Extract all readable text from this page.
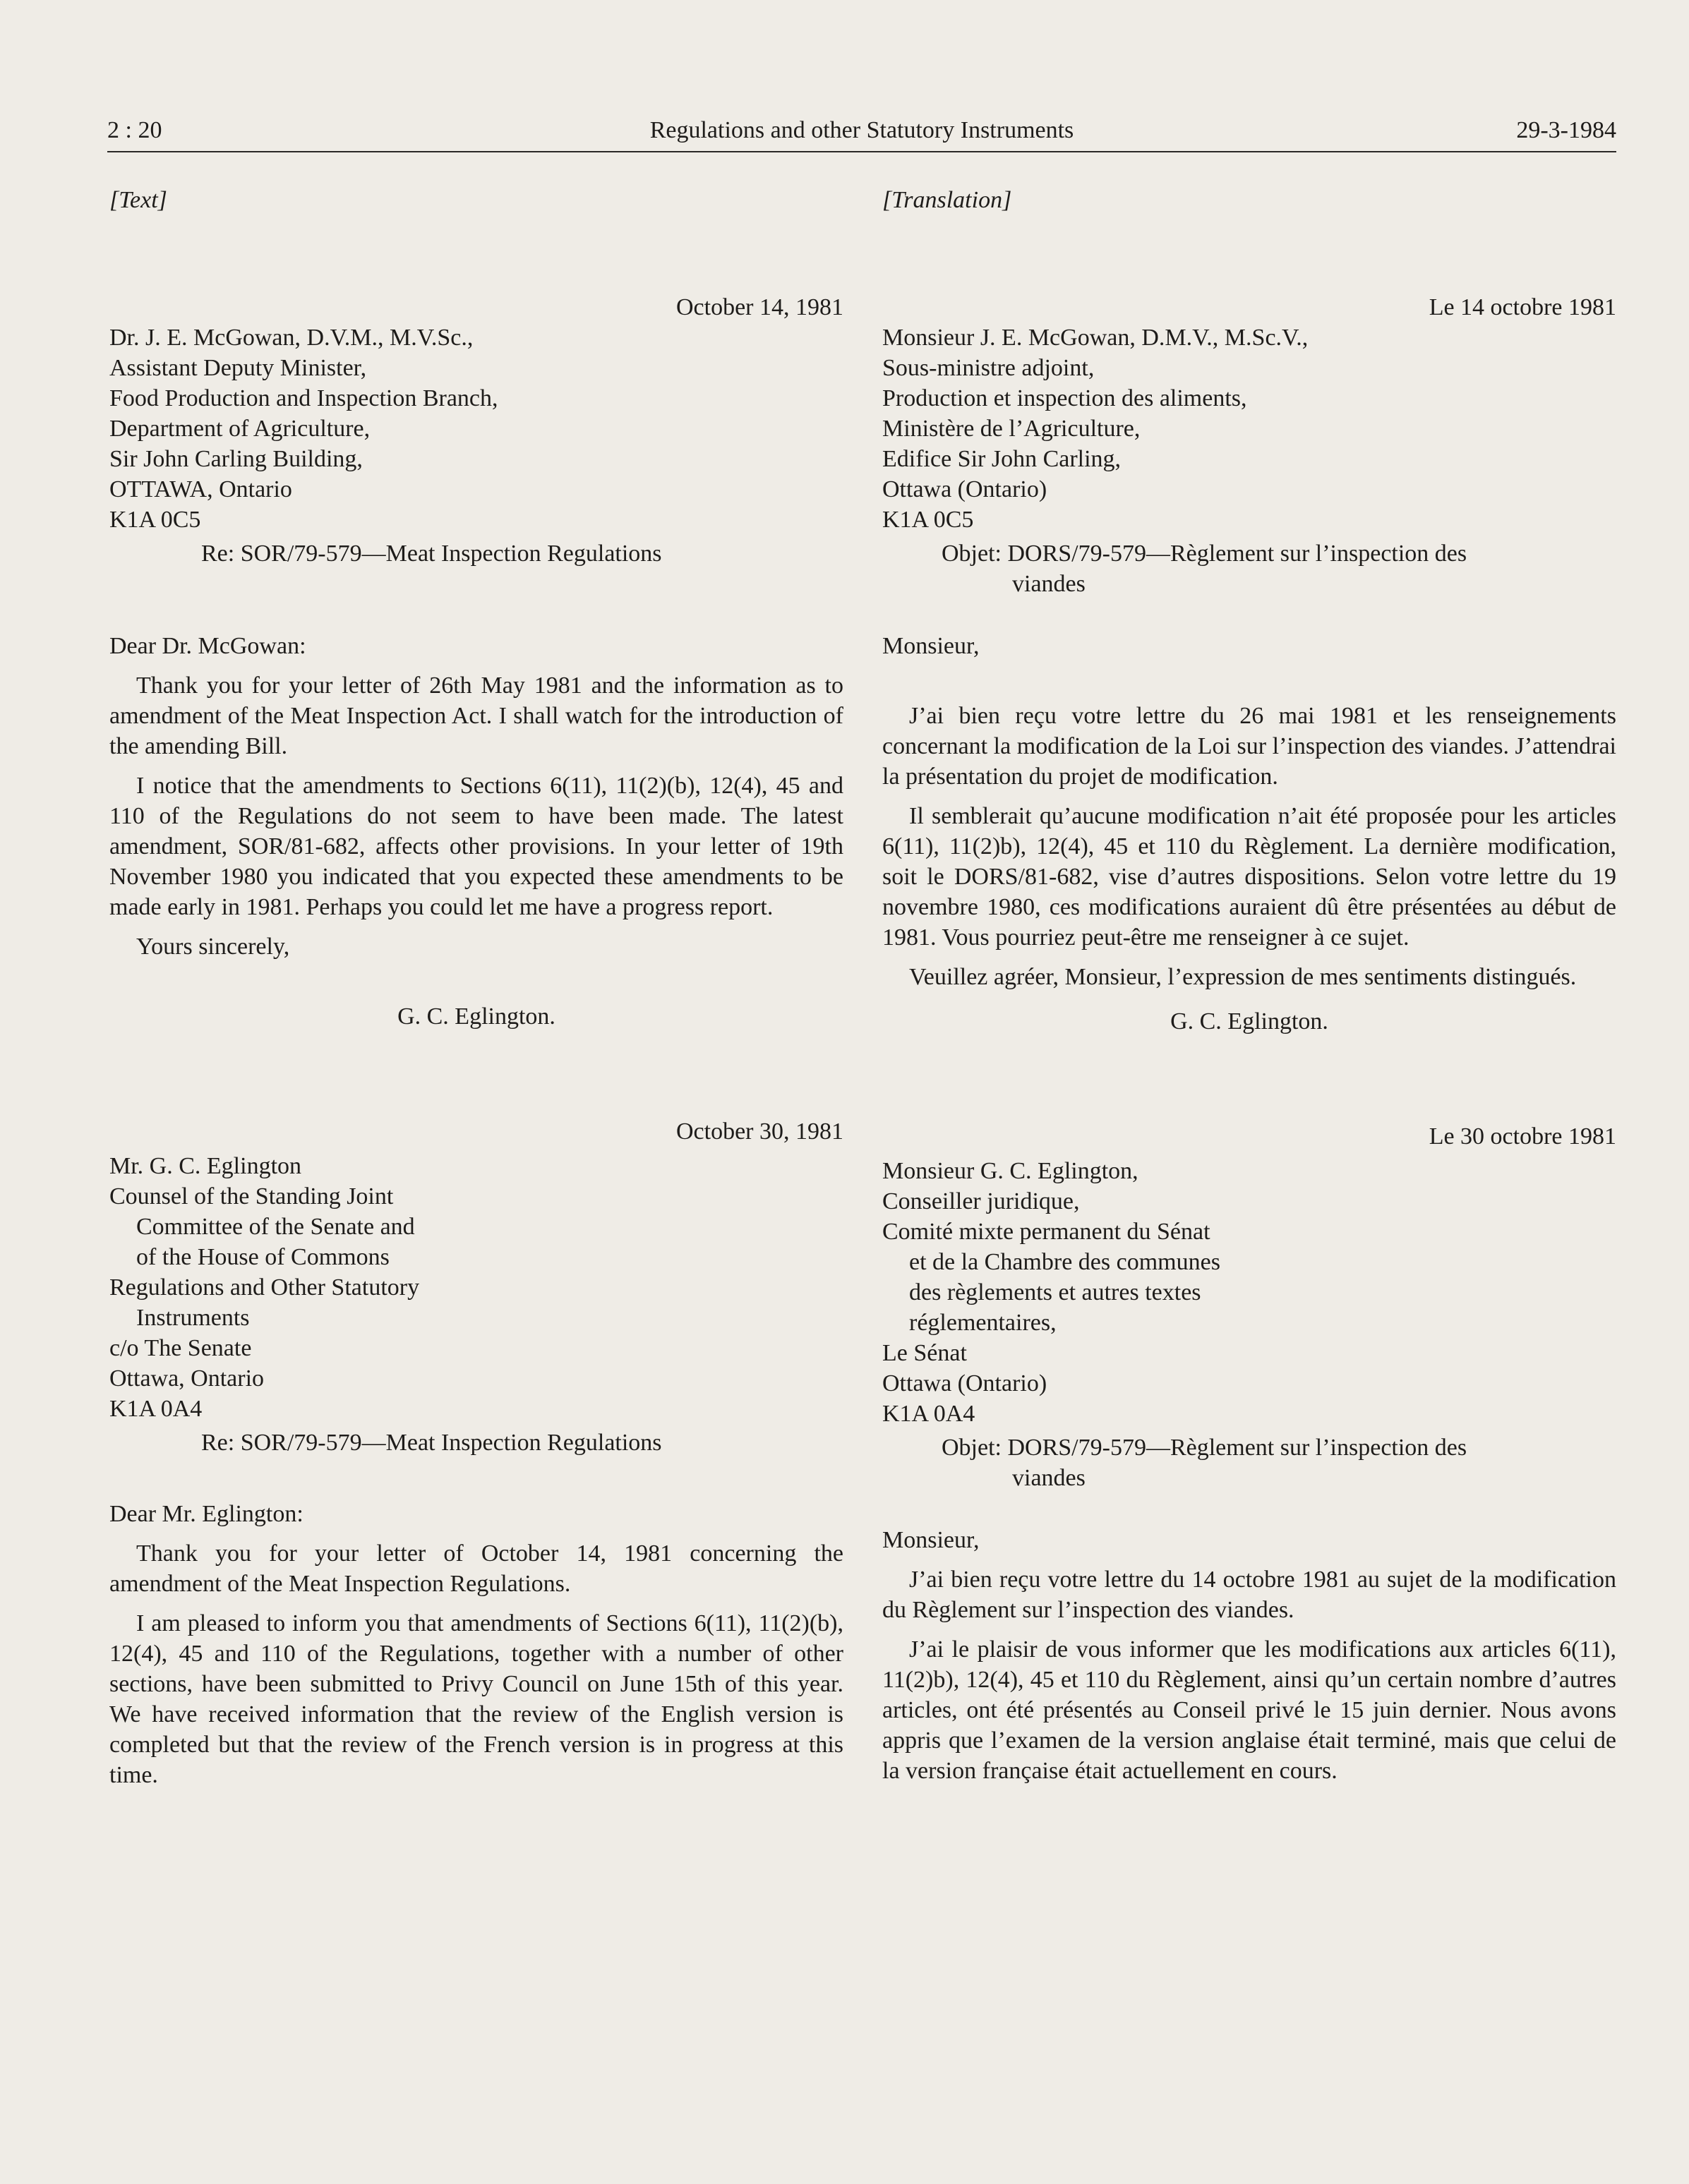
2 : 20	Regulations and other Statutory Instruments	29-3-1984

[Text]

October 14, 1981

Dr. J. E. McGowan, D.V.M., M.V.Sc.,

Assistant Deputy Minister,

Food Production and Inspection Branch,

Department of Agriculture,

Sir John Carling Building,

OTTAWA, Ontario

K1A 0C5

Re: SOR/79-579—Meat Inspection Regulations

Dear Dr. McGowan:

Thank you for your letter of 26th May 1981 and the information as to amendment of the Meat Inspection Act. I shall watch for the introduction of the amending Bill.

I notice that the amendments to Sections 6(11), 11(2)(b), 12(4), 45 and 110 of the Regulations do not seem to have been made. The latest amendment, SOR/81-682, affects other provisions. In your letter of 19th November 1980 you indicated that you expected these amendments to be made early in 1981. Perhaps you could let me have a progress report.

Yours sincerely,

G. C. Eglington.

October 30, 1981

Mr. G. C. Eglington

Counsel of the Standing Joint

Committee of the Senate and

of the House of Commons

Regulations and Other Statutory

Instruments

c/o The Senate

Ottawa, Ontario

K1A 0A4

Re: SOR/79-579—Meat Inspection Regulations

Dear Mr. Eglington:

Thank you for your letter of October 14, 1981 concerning the amendment of the Meat Inspection Regulations.

I am pleased to inform you that amendments of Sections 6(11), 11(2)(b), 12(4), 45 and 110 of the Regulations, together with a number of other sections, have been submitted to Privy Council on June 15th of this year. We have received information that the review of the English version is completed but that the review of the French version is in progress at this time.

[Translation]

Le 14 octobre 1981

Monsieur J. E. McGowan, D.M.V., M.Sc.V.,

Sous-ministre adjoint,

Production et inspection des aliments,

Ministère de l’Agriculture,

Edifice Sir John Carling,

Ottawa (Ontario)

K1A 0C5

Objet: DORS/79-579—Règlement sur l’inspection des
viandes

Monsieur,

J’ai bien reçu votre lettre du 26 mai 1981 et les renseignements concernant la modification de la Loi sur l’inspection des viandes. J’attendrai la présentation du projet de modification.

Il semblerait qu’aucune modification n’ait été proposée pour les articles 6(11), 11(2)b), 12(4), 45 et 110 du Règlement. La dernière modification, soit le DORS/81-682, vise d’autres dispositions. Selon votre lettre du 19 novembre 1980, ces modifications auraient dû être présentées au début de 1981. Vous pourriez peut-être me renseigner à ce sujet.

Veuillez agréer, Monsieur, l’expression de mes sentiments distingués.

G. C. Eglington.

Le 30 octobre 1981

Monsieur G. C. Eglington,

Conseiller juridique,

Comité mixte permanent du Sénat

et de la Chambre des communes

des règlements et autres textes

réglementaires,

Le Sénat

Ottawa (Ontario)

K1A 0A4

Objet: DORS/79-579—Règlement sur l’inspection des
viandes

Monsieur,

J’ai bien reçu votre lettre du 14 octobre 1981 au sujet de la modification du Règlement sur l’inspection des viandes.

J’ai le plaisir de vous informer que les modifications aux articles 6(11), 11(2)b), 12(4), 45 et 110 du Règlement, ainsi qu’un certain nombre d’autres articles, ont été présentés au Conseil privé le 15 juin dernier. Nous avons appris que l’examen de la version anglaise était terminé, mais que celui de la version française était actuellement en cours.
